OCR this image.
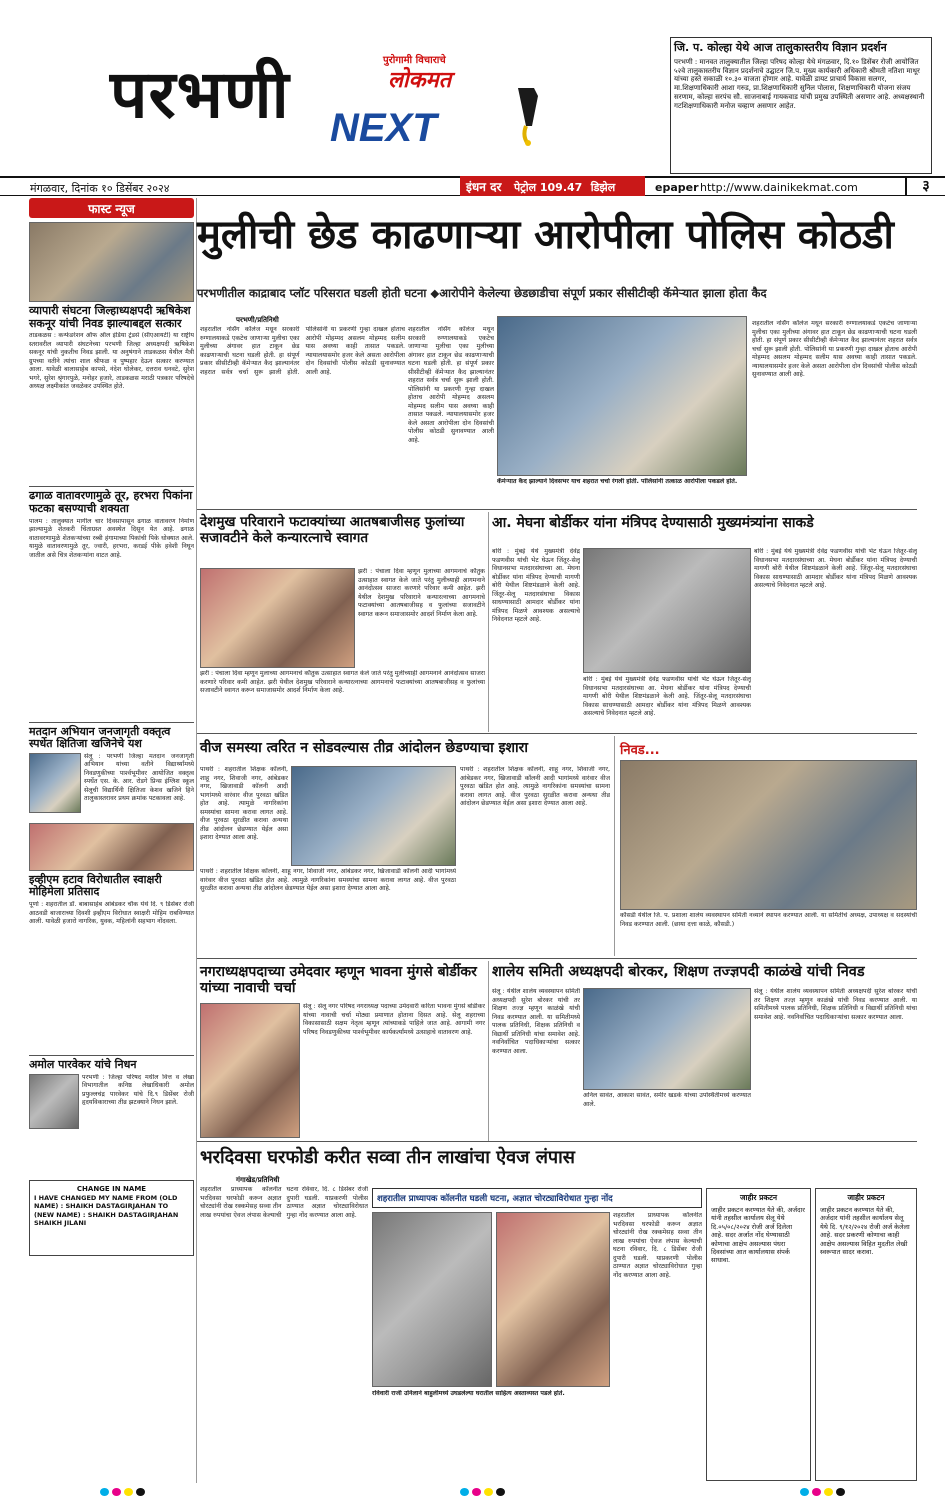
परभणी	पुरोगामी विचाराचे
लोकमत
NEXT
जि. प. कोल्हा येथे आज तालुकास्तरीय विज्ञान प्रदर्शन
परभणी : मानवत तालुक्यातील जिल्हा परिषद कोल्हा येथे मंगळवार, दि.१० डिसेंबर रोजी आयोजित ५२वे तालुकास्तरीय विज्ञान प्रदर्शनाचे उद्घाटन जि.प. मुख्य कार्यकारी अधिकारी श्रीमती नतिशा माथूर यांच्या हस्ते सकाळी १०.३० वाजता होणार आहे. यावेळी डायट प्राचार्य विकास सलगर, मा.शिक्षणाधिकारी आशा गरुड, प्रा.शिक्षणाधिकारी सुनिल पोलास, शिक्षणाधिकारी योजना संजय सरणाम, कोल्हा सरपंच सौ. साजनाबाई गायकवाड यांची प्रमुख उपस्थिती असणार आहे. अध्यक्षस्थानी गटशिक्षणाधिकारी मनोज चव्हाण असणार आहेत.
मंगळवार, दिनांक १० डिसेंबर २०२४	epaper http://www.dainikekmat.com
इंधन दर पेट्रोल 109.47 डिझेल 95.86
३
फास्ट न्यूज
व्यापारी संघटना जिल्हाध्यक्षपदी ऋषिकेश सकनूर यांची निवड झाल्याबद्दल सत्कार
ताडकळस : कन्फेडरेशन ऑफ ऑल इंडिया ट्रेडर्स (सीएआयटी) या राष्ट्रीय स्तरावरील व्यापारी संघटनेच्या परभणी जिल्हा अध्यक्षपदी ऋषिकेश सकनूर यांची नुकतीच निवड झाली. या अनुषंगाने ताडकळस येथील मैत्री ग्रुपच्या वतीने त्यांचा शाल श्रीफळ व पुष्पहार देऊन सत्कार करण्यात आला. यावेळी बालासाहेब कापसे, नंदेश घोलेकर, दत्तराव धनवटे, सुरेश भगरे, सुरेश श्रृंगारपुळे, मनोहर हजारे, ताडकळस मराठी पत्रकार परिषदेचे अध्यक्ष लक्ष्मीकांत जवळेकर उपस्थित होते.
ढगाळ वातावरणामुळे तूर, हरभरा पिकांना फटका बसण्याची शक्यता
पालम : तालुक्यात मागील चार दिवसापासून ढगाळ वातावरण निर्माण झाल्यामुळे शेतकरी चिंताग्रस्त अवस्थेत दिसून येत आहे. ढगाळ वातावरणामुळे शेतकऱ्यांच्या रब्बी हंगामाच्या पिकांची पिके धोक्यात आले. यामुळे वातावरणामुळे तूर, ज्वारी, हरभरा, करडई पीके हवेशी निघून जातील असे चित्र शेतकऱ्यांना वाटत आहे.
मतदान अभियान जनजागृती वक्तृत्व स्पर्धेत क्षितिजा खजिनेचे यश
सेलू : परभणी जिल्हा मतदान जनजागृती अभियान यांच्या वतीने विद्यार्थ्यांमध्ये निवडणुकीच्या पार्श्वभूमीवर आयोजित वक्तृत्व स्पर्धेत एस. के. आर. रोडगे प्रिन्स इंग्लिश स्कूल सेलूची विद्यार्थिनी क्षितिजा केशव खजिने हिने तालुकास्तरावर प्रथम क्रमांक पटकावला आहे.
इव्हीएम हटाव विरोधातील स्वाक्षरी मोहिमेला प्रतिसाद
पूर्णा : शहरातील डॉ. बाबासाहेब आंबेडकर चौक येथे दि. ९ डिसेंबर रोजी आठवडी बाजाराच्या दिवशी इव्हीएम विरोधात स्वाक्षरी मोहिम राबविण्यात आली. यावेळी हजारो नागरिक, युवक, महिलांनी सहभाग नोंदवला.
अमोल पारवेकर यांचे निधन
परभणी : जिल्हा परिषद मधील वित्त व लेखा विभागातील कनिष्ठ लेखाधिकारी अमोल प्रफुल्लचंद्र पारवेकर यांचे दि.९ डिसेंबर रोजी हृदयविकाराच्या तीव्र झटक्याने निधन झाले.
CHANGE IN NAME
I HAVE CHANGED MY NAME FROM (OLD NAME) : SHAIKH DASTAGIRJAHAN TO (NEW NAME) : SHAIKH DASTAGIRJAHAN SHAIKH JILANI
मुलीची छेड काढणाऱ्या आरोपीला पोलिस कोठडी
परभणीतील काद्राबाद प्लॉट परिसरात घडली होती घटना ◆आरोपीने केलेल्या छेडछाडीचा संपूर्ण प्रकार सीसीटीव्ही कॅमेऱ्यात झाला होता कैद
परभणी/प्रतिनिधी
शहरातील नर्सिंग कॉलेज मधून सरकारी रुग्णालयाकडे एकटेच जाणाऱ्या मुलीचा एका मुलीच्या अंगावर हात टाकून छेड काढणाऱ्याची घटना घडली होती. हा संपूर्ण प्रकार सीसीटीव्ही कॅमेऱ्यात कैद झाल्यानंतर शहरात सर्वत्र चर्चा सुरू झाली होती. पोलिसांनी या प्रकरणी गुन्हा दाखल होताच आरोपी मोहम्मद असलम मोहम्मद सलीम यास अवघ्या काही तासात पकडले. न्यायालयासमोर हजर केले असता आरोपीला दोन दिवसांची पोलीस कोठडी सुनावण्यात आली आहे.
शहरातील नर्सिंग कॉलेज मधून सरकारी रुग्णालयाकडे एकटेच जाणाऱ्या मुलीचा एका मुलीच्या अंगावर हात टाकून छेड काढणाऱ्याची घटना घडली होती. हा संपूर्ण प्रकार सीसीटीव्ही कॅमेऱ्यात कैद झाल्यानंतर शहरात सर्वत्र चर्चा सुरू झाली होती. पोलिसांनी या प्रकरणी गुन्हा दाखल होताच आरोपी मोहम्मद असलम मोहम्मद सलीम यास अवघ्या काही तासात पकडले. न्यायालयासमोर हजर केले असता आरोपीला दोन दिवसांची पोलीस कोठडी सुनावण्यात आली आहे.
कॅमेऱ्यात कैद झाल्याने दिवसभर याच शहरात चर्चा रंगली होती. पोलिसांनी तत्काळ आरोपीला पकडले होते.
शहरातील नर्सिंग कॉलेज मधून सरकारी रुग्णालयाकडे एकटेच जाणाऱ्या मुलीचा एका मुलीच्या अंगावर हात टाकून छेड काढणाऱ्याची घटना घडली होती. हा संपूर्ण प्रकार सीसीटीव्ही कॅमेऱ्यात कैद झाल्यानंतर शहरात सर्वत्र चर्चा सुरू झाली होती. पोलिसांनी या प्रकरणी गुन्हा दाखल होताच आरोपी मोहम्मद असलम मोहम्मद सलीम यास अवघ्या काही तासात पकडले. न्यायालयासमोर हजर केले असता आरोपीला दोन दिवसांची पोलीस कोठडी सुनावण्यात आली आहे.
देशमुख परिवाराने फटाक्यांच्या आतषबाजीसह फुलांच्या सजावटीने केले कन्यारत्नाचे स्वागत
झरी : पंचाला दिवा म्हणून मुलाच्या आगमनाचे कौतुक उत्साहात स्वागत केले जाते परंतु मुलीच्याही आगमनाने आनंदोत्सव साजरा करणारे परिवार कमी आहेत. झरी येथील देशमुख परिवाराने कन्यारत्नाच्या आगमनाचे फटाक्यांच्या आतषबाजीसह व फुलांच्या सजावटीने स्वागत करून समाजासमोर आदर्श निर्माण केला आहे.
झरी : पंचाला दिवा म्हणून मुलाच्या आगमनाचे कौतुक उत्साहात स्वागत केले जाते परंतु मुलीच्याही आगमनाने आनंदोत्सव साजरा करणारे परिवार कमी आहेत. झरी येथील देशमुख परिवाराने कन्यारत्नाच्या आगमनाचे फटाक्यांच्या आतषबाजीसह व फुलांच्या सजावटीने स्वागत करून समाजासमोर आदर्श निर्माण केला आहे.
आ. मेघना बोर्डीकर यांना मंत्रिपद देण्यासाठी मुख्यमंत्र्यांना साकडे
बोरी : मुंबई येथे मुख्यमंत्री देवेंद्र फडणवीस यांची भेट घेऊन जिंतूर-सेलू विधानसभा मतदारसंघाच्या आ. मेघना बोर्डीकर यांना मंत्रिपद देण्याची मागणी बोरी येथील शिष्टमंडळाने केली आहे. जिंतूर-सेलू मतदारसंघाचा विकास साधण्यासाठी आमदार बोर्डीकर यांना मंत्रिपद मिळणे आवश्यक असल्याचे निवेदनात म्हटले आहे.
बोरी : मुंबई येथे मुख्यमंत्री देवेंद्र फडणवीस यांची भेट घेऊन जिंतूर-सेलू विधानसभा मतदारसंघाच्या आ. मेघना बोर्डीकर यांना मंत्रिपद देण्याची मागणी बोरी येथील शिष्टमंडळाने केली आहे. जिंतूर-सेलू मतदारसंघाचा विकास साधण्यासाठी आमदार बोर्डीकर यांना मंत्रिपद मिळणे आवश्यक असल्याचे निवेदनात म्हटले आहे.
बोरी : मुंबई येथे मुख्यमंत्री देवेंद्र फडणवीस यांची भेट घेऊन जिंतूर-सेलू विधानसभा मतदारसंघाच्या आ. मेघना बोर्डीकर यांना मंत्रिपद देण्याची मागणी बोरी येथील शिष्टमंडळाने केली आहे. जिंतूर-सेलू मतदारसंघाचा विकास साधण्यासाठी आमदार बोर्डीकर यांना मंत्रिपद मिळणे आवश्यक असल्याचे निवेदनात म्हटले आहे.
वीज समस्या त्वरित न सोडवल्यास तीव्र आंदोलन छेडण्याचा इशारा
पाथरी : शहरातील शिक्षक कॉलनी, शाहू नगर, शिवाजी नगर, आंबेडकर नगर, खिजावाडी कॉलनी आदी भागांमध्ये वारंवार वीज पुरवठा खंडित होत आहे. त्यामुळे नागरिकांना समस्यांचा सामना करावा लागत आहे. वीज पुरवठा सुरळीत करावा अन्यथा तीव्र आंदोलन छेडण्यात येईल असा इशारा देण्यात आला आहे.
पाथरी : शहरातील शिक्षक कॉलनी, शाहू नगर, शिवाजी नगर, आंबेडकर नगर, खिजावाडी कॉलनी आदी भागांमध्ये वारंवार वीज पुरवठा खंडित होत आहे. त्यामुळे नागरिकांना समस्यांचा सामना करावा लागत आहे. वीज पुरवठा सुरळीत करावा अन्यथा तीव्र आंदोलन छेडण्यात येईल असा इशारा देण्यात आला आहे.
पाथरी : शहरातील शिक्षक कॉलनी, शाहू नगर, शिवाजी नगर, आंबेडकर नगर, खिजावाडी कॉलनी आदी भागांमध्ये वारंवार वीज पुरवठा खंडित होत आहे. त्यामुळे नागरिकांना समस्यांचा सामना करावा लागत आहे. वीज पुरवठा सुरळीत करावा अन्यथा तीव्र आंदोलन छेडण्यात येईल असा इशारा देण्यात आला आहे.
निवड...
कौसडी येथील जि. प. प्रशाला शालेय व्यवस्थापन समिती नव्याने स्थापन करण्यात आली. या समितीचे अध्यक्ष, उपाध्यक्ष व सदस्यांची निवड करण्यात आली. (छाया दत्ता काळे, कौसडी.)
नगराध्यक्षपदाच्या उमेदवार म्हणून भावना मुंगसे बोर्डीकर यांच्या नावाची चर्चा
सेलू : सेलू नगर परिषद नगराध्यक्ष पदाच्या उमेदवारी करिता भावना मुंगसे बोर्डीकर यांच्या नावाची चर्चा मोठ्या प्रमाणात होताना दिसत आहे. सेलू शहराच्या विकासासाठी सक्षम नेतृत्व म्हणून त्यांच्याकडे पाहिले जात आहे. आगामी नगर परिषद निवडणुकीच्या पार्श्वभूमीवर कार्यकर्त्यांमध्ये उत्साहाचे वातावरण आहे.
शालेय समिती अध्यक्षपदी बोरकर, शिक्षण तज्ज्ञपदी काळंखे यांची निवड
सेलू : येथील शालेय व्यवस्थापन समिती अध्यक्षपदी सुरेश बोरकर यांची तर शिक्षण तज्ज्ञ म्हणून काळंखे यांची निवड करण्यात आली. या समितीमध्ये पालक प्रतिनिधी, शिक्षक प्रतिनिधी व विद्यार्थी प्रतिनिधी यांचा समावेश आहे. नवनिर्वाचित पदाधिकाऱ्यांचा सत्कार करण्यात आला.
अनिल सावंत, आकाश सावंत, समीर खडके यांच्या उपस्थितीमध्ये करण्यात आले.
सेलू : येथील शालेय व्यवस्थापन समिती अध्यक्षपदी सुरेश बोरकर यांची तर शिक्षण तज्ज्ञ म्हणून काळंखे यांची निवड करण्यात आली. या समितीमध्ये पालक प्रतिनिधी, शिक्षक प्रतिनिधी व विद्यार्थी प्रतिनिधी यांचा समावेश आहे. नवनिर्वाचित पदाधिकाऱ्यांचा सत्कार करण्यात आला.
भरदिवसा घरफोडी करीत सव्वा तीन लाखांचा ऐवज लंपास
गंगाखेड/प्रतिनिधी
शहरातील प्राध्यापक कॉलनीत भरदिवसा घरफोडी करून अज्ञात चोरट्यांनी रोख रक्कमेसह सव्वा तीन लाख रुपयांचा ऐवज लंपास केल्याची घटना रविवार, दि. ८ डिसेंबर रोजी दुपारी घडली. याप्रकरणी पोलीस ठाण्यात अज्ञात चोरट्याविरोधात गुन्हा नोंद करण्यात आला आहे.
शहरातील प्राध्यापक कॉलनीत घडली घटना, अज्ञात चोरट्याविरोधात गुन्हा नोंद
शहरातील प्राध्यापक कॉलनीत भरदिवसा घरफोडी करून अज्ञात चोरट्यांनी रोख रक्कमेसह सव्वा तीन लाख रुपयांचा ऐवज लंपास केल्याची घटना रविवार, दि. ८ डिसेंबर रोजी दुपारी घडली. याप्रकरणी पोलीस ठाण्यात अज्ञात चोरट्याविरोधात गुन्हा नोंद करण्यात आला आहे.
रविवारी राजी उनिलाने बाहुलीमध्ये उघडलेल्या घरातील साहित्य अस्ताव्यस्त पडले होते.
जाहीर प्रकटन
जाहीर प्रकटन करण्यात येते की, अर्जदार यांनी तहसील कार्यालय सेलू येथे दि.०५/०८/२०२४ रोजी अर्ज दिलेला आहे. सदर अर्जात नोंद घेण्यासाठी कोणाचा आक्षेप असल्यास पंधरा दिवसांच्या आत कार्यालयास संपर्क साधावा.
जाहीर प्रकटन
जाहीर प्रकटन करण्यात येते की, अर्जदार यांनी तहसील कार्यालय सेलू येथे दि. ९/१२/२०२४ रोजी अर्ज केलेला आहे. सदर प्रकरणी कोणाचा काही आक्षेप असल्यास विहित मुदतीत लेखी स्वरूपात सादर करावा.
